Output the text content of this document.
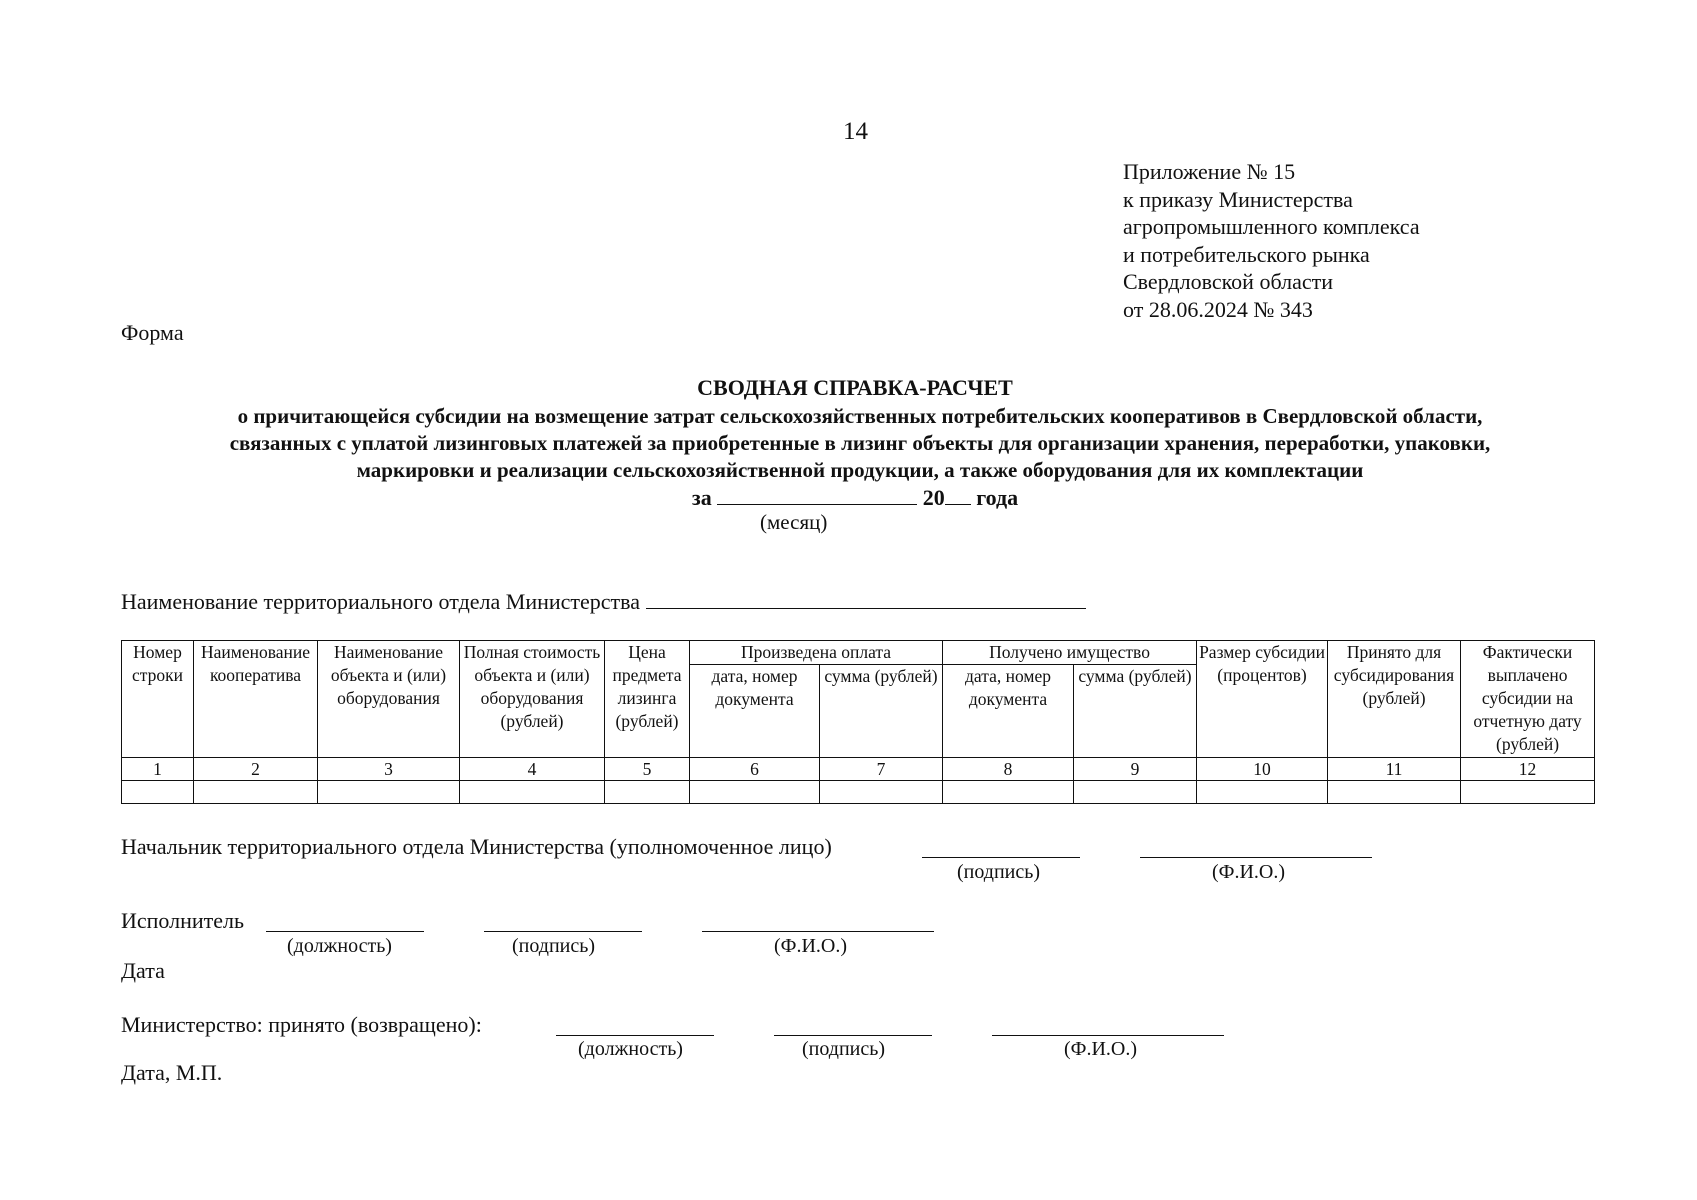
14
Приложение № 15
к приказу Министерства
агропромышленного комплекса
и потребительского рынка
Свердловской области
от 28.06.2024 № 343
Форма
СВОДНАЯ СПРАВКА-РАСЧЕТ
о причитающейся субсидии на возмещение затрат сельскохозяйственных потребительских кооперативов в Свердловской области,
связанных с уплатой лизинговых платежей за приобретенные в лизинг объекты для организации хранения, переработки, упаковки,
маркировки и реализации сельскохозяйственной продукции, а также оборудования для их комплектации
за	20 года
(месяц)
Наименование территориального отдела Министерства
Номер строки	Наименование кооператива	Наименование объекта и (или) оборудования	Полная стоимость объекта и (или) оборудования (рублей)	Цена предмета лизинга (рублей)	Произведена оплата		Получено имущество		Размер субсидии (процентов)	Принято для субсидирования (рублей)	Фактически выплачено субсидии на отчетную дату (рублей)
					дата, номер документа	сумма (рублей)	дата, номер документа	сумма (рублей)			
1	2	3	4	5	6	7	8	9	10	11	12

Начальник территориального отдела Министерства (уполномоченное лицо)
(подпись)	(Ф.И.О.)
Исполнитель
(должность)	(подпись)	(Ф.И.О.)
Дата
Министерство: принято (возвращено):
(должность)	(подпись)	(Ф.И.О.)
Дата, М.П.
